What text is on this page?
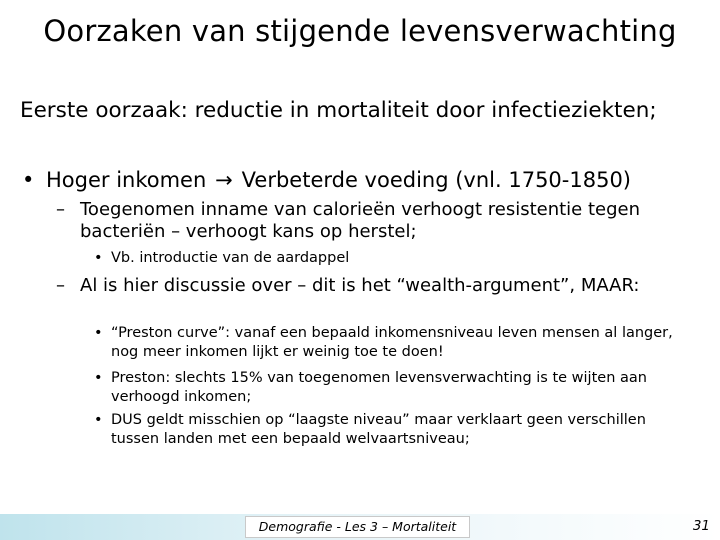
Oorzaken van stijgende levensverwachting
Eerste oorzaak: reductie in mortaliteit door infectieziekten;
• Hoger inkomen → Verbeterde voeding (vnl. 1750-1850)
– Toegenomen inname van calorieën verhoogt resistentie tegen bacteriën – verhoogt kans op herstel;
• Vb. introductie van de aardappel
– Al is hier discussie over – dit is het “wealth-argument”, MAAR:
• “Preston curve”: vanaf een bepaald inkomensniveau leven mensen al langer, nog meer inkomen lijkt er weinig toe te doen!
• Preston: slechts 15% van toegenomen levensverwachting is te wijten aan verhoogd inkomen;
• DUS geldt misschien op “laagste niveau” maar verklaart geen verschillen tussen landen met een bepaald welvaartsniveau;
Demografie - Les 3 – Mortaliteit	31
